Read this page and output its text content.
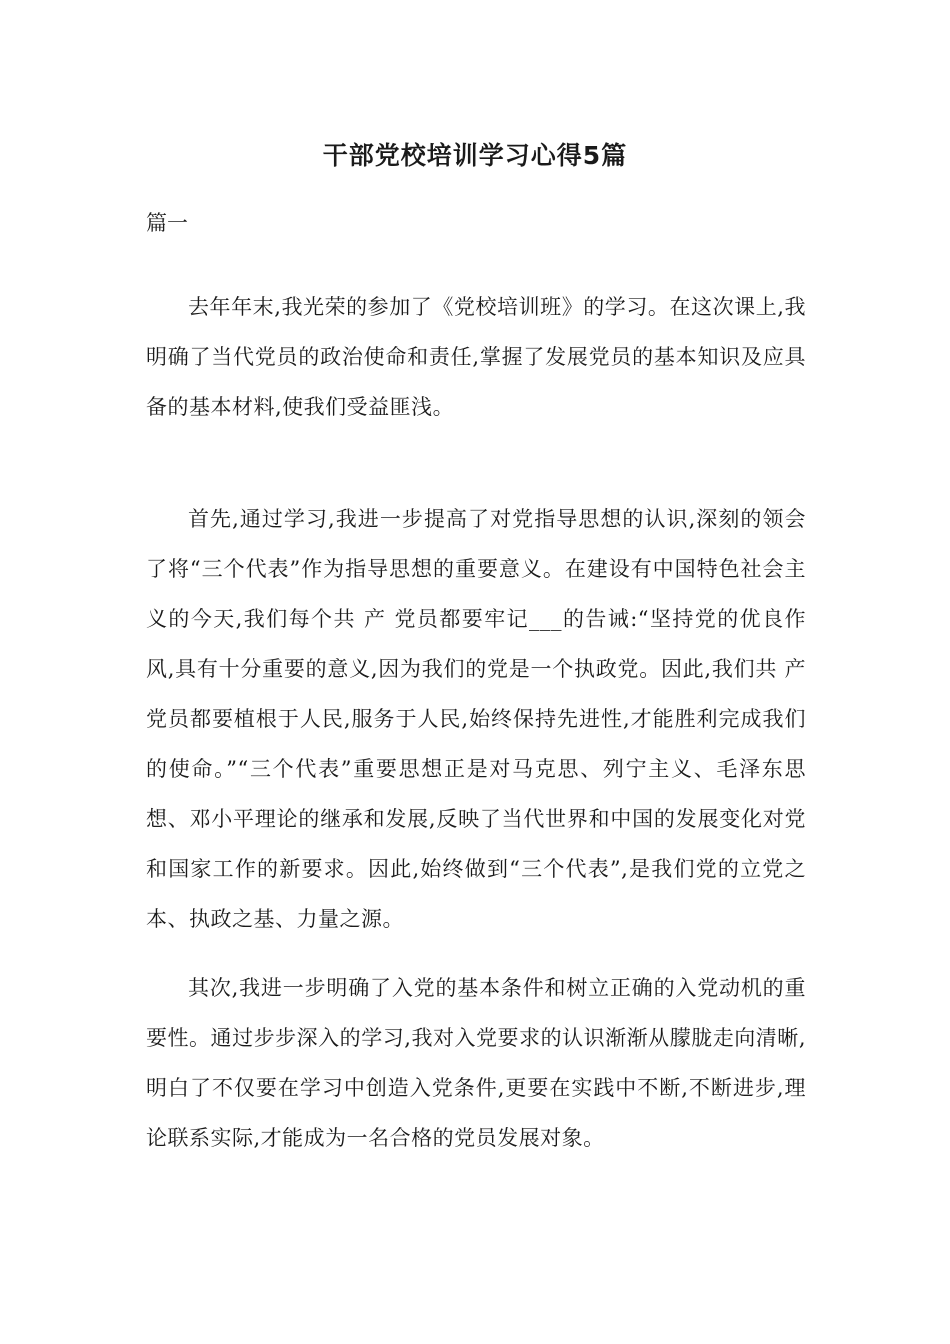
干部党校培训学习心得5篇
篇一

去年年末,我光荣的参加了《党校培训班》的学习。在这次课上,我明确了当代党员的政治使命和责任,掌握了发展党员的基本知识及应具备的基本材料,使我们受益匪浅。

首先,通过学习,我进一步提高了对党指导思想的认识,深刻的领会了将“三个代表”作为指导思想的重要意义。在建设有中国特色社会主义的今天,我们每个共 产 党员都要牢记___的告诫:“坚持党的优良作风,具有十分重要的意义,因为我们的党是一个执政党。因此,我们共 产 党员都要植根于人民,服务于人民,始终保持先进性,才能胜利完成我们的使命。”“三个代表”重要思想正是对马克思、列宁主义、毛泽东思想、邓小平理论的继承和发展,反映了当代世界和中国的发展变化对党和国家工作的新要求。因此,始终做到“三个代表”,是我们党的立党之本、执政之基、力量之源。

其次,我进一步明确了入党的基本条件和树立正确的入党动机的重要性。通过步步深入的学习,我对入党要求的认识渐渐从朦胧走向清晰,明白了不仅要在学习中创造入党条件,更要在实践中不断,不断进步,理论联系实际,才能成为一名合格的党员发展对象。
